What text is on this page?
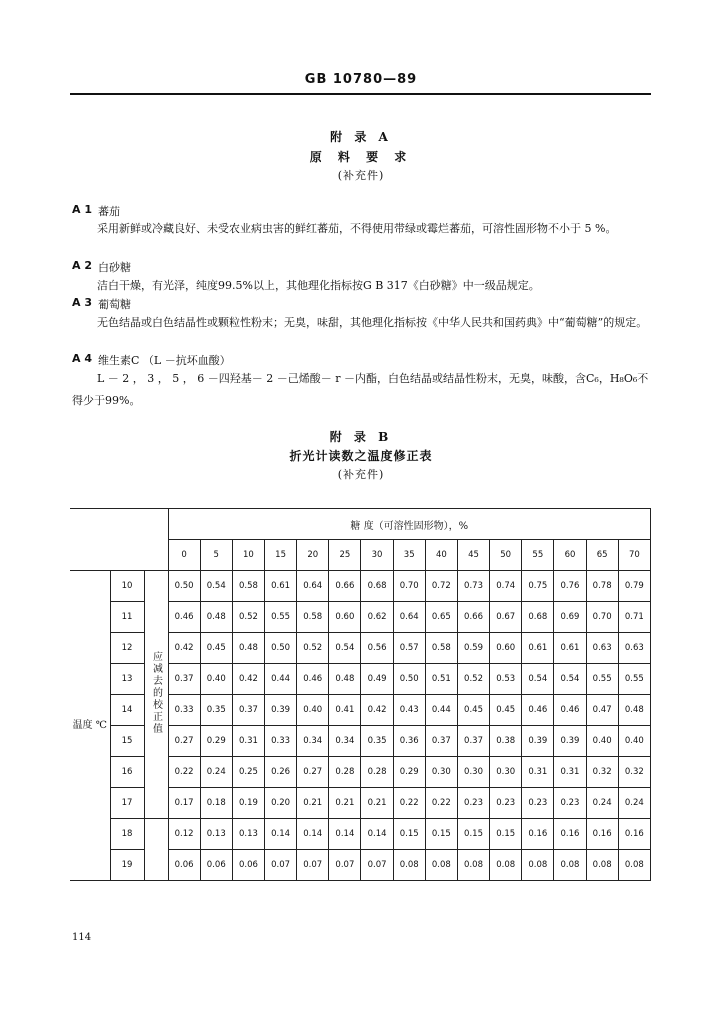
GB 10780—89
附 录 A
原 料 要 求
(补充件)
A 1 蕃茄
采用新鲜或冷藏良好、未受农业病虫害的鲜红蕃茄，不得使用带绿或霉烂蕃茄，可溶性固形物不小于 5 %。
A 2 白砂糖
洁白干燥，有光泽，纯度99.5%以上，其他理化指标按G B 317《白砂糖》中一级品规定。
A 3 葡萄糖
无色结晶或白色结晶性或颗粒性粉末；无臭，味甜，其他理化指标按《中华人民共和国药典》中“葡萄糖”的规定。
A 4 维生素C （L －抗坏血酸）
L － 2 ， 3 ， 5 ， 6 －四羟基－ 2 －己烯酸－ r －内酯，白色结晶或结晶性粉末，无臭，味酸，含C₆，H₈O₆不得少于99%。
附 录 B
折光计读数之温度修正表
(补充件)
			糖 度（可溶性固形物），%														
			0	5	10	15	20	25	30	35	40	45	50	55	60	65	70
温度 ℃	10	应减去的校正值	0.50	0.54	0.58	0.61	0.64	0.66	0.68	0.70	0.72	0.73	0.74	0.75	0.76	0.78	0.79
	11		0.46	0.48	0.52	0.55	0.58	0.60	0.62	0.64	0.65	0.66	0.67	0.68	0.69	0.70	0.71
	12		0.42	0.45	0.48	0.50	0.52	0.54	0.56	0.57	0.58	0.59	0.60	0.61	0.61	0.63	0.63
	13		0.37	0.40	0.42	0.44	0.46	0.48	0.49	0.50	0.51	0.52	0.53	0.54	0.54	0.55	0.55
	14		0.33	0.35	0.37	0.39	0.40	0.41	0.42	0.43	0.44	0.45	0.45	0.46	0.46	0.47	0.48
	15		0.27	0.29	0.31	0.33	0.34	0.34	0.35	0.36	0.37	0.37	0.38	0.39	0.39	0.40	0.40
	16		0.22	0.24	0.25	0.26	0.27	0.28	0.28	0.29	0.30	0.30	0.30	0.31	0.31	0.32	0.32
	17		0.17	0.18	0.19	0.20	0.21	0.21	0.21	0.22	0.22	0.23	0.23	0.23	0.23	0.24	0.24
	18		0.12	0.13	0.13	0.14	0.14	0.14	0.14	0.15	0.15	0.15	0.15	0.16	0.16	0.16	0.16
	19		0.06	0.06	0.06	0.07	0.07	0.07	0.07	0.08	0.08	0.08	0.08	0.08	0.08	0.08	0.08
114
